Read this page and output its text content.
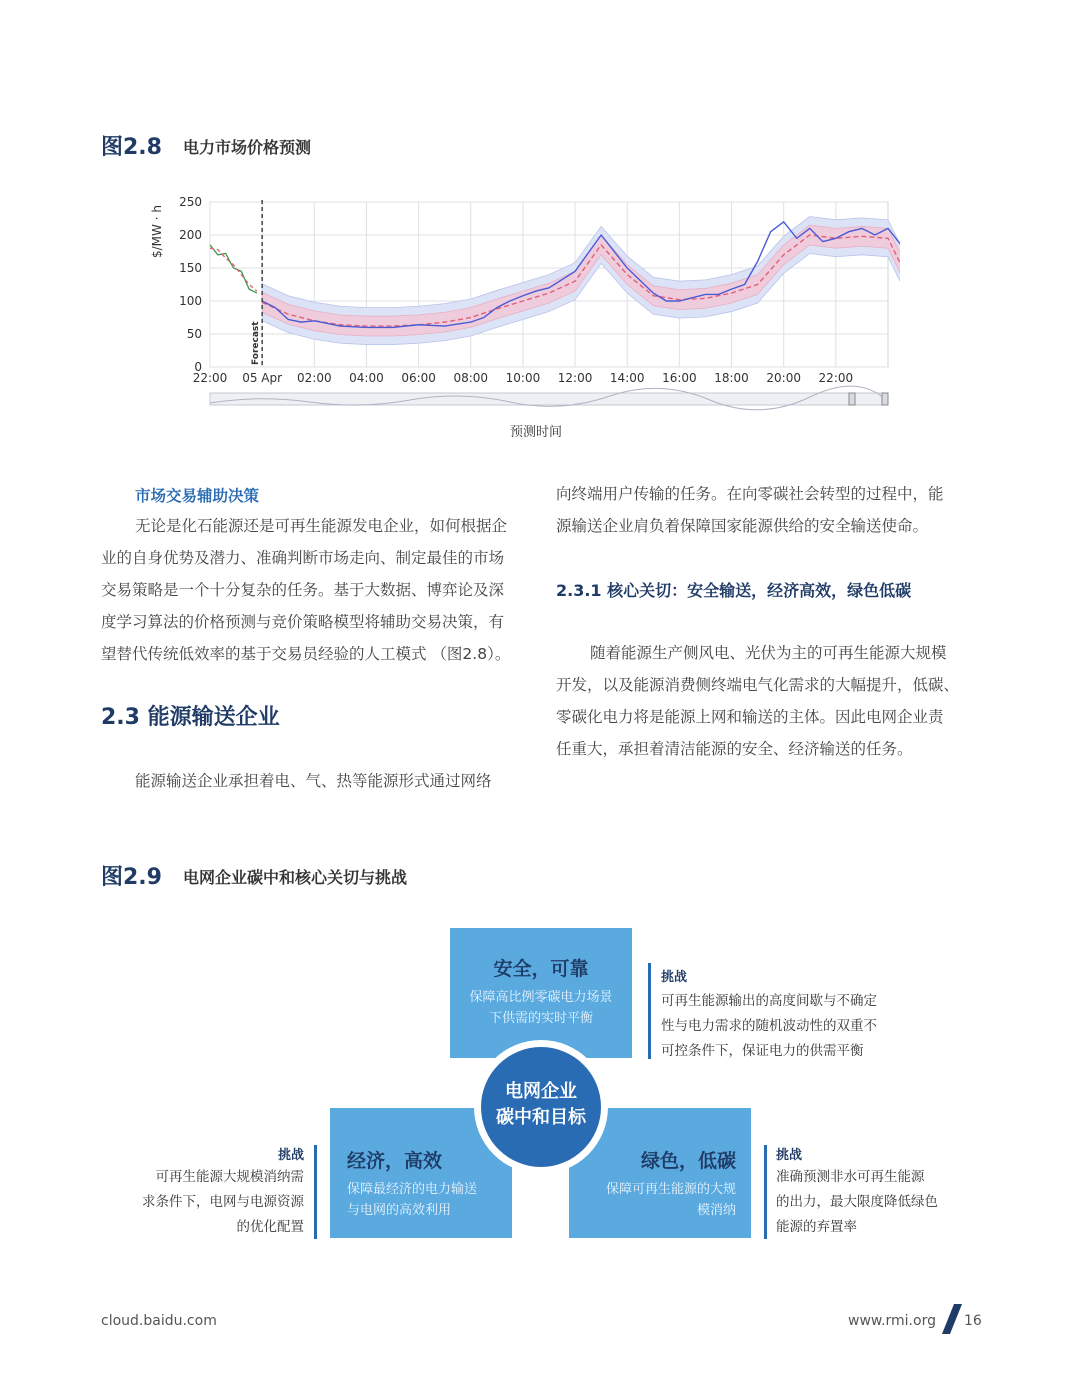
图2.8 电力市场价格预测
0
50
100
150
200
250
22:00 05 Apr 02:00 04:00 06:00 08:00 10:00 12:00 14:00 16:00 18:00 20:00 22:00
Forecast
$/MW · h
预测时间
市场交易辅助决策
无论是化石能源还是可再生能源发电企业，如何根据企
业的自身优势及潜力、准确判断市场走向、制定最佳的市场
交易策略是一个十分复杂的任务。基于大数据、博弈论及深
度学习算法的价格预测与竞价策略模型将辅助交易决策，有
望替代传统低效率的基于交易员经验的人工模式 （图2.8）。
2.3 能源输送企业
能源输送企业承担着电、气、热等能源形式通过网络
向终端用户传输的任务。在向零碳社会转型的过程中，能
源输送企业肩负着保障国家能源供给的安全输送使命。
2.3.1 核心关切：安全输送，经济高效，绿色低碳
随着能源生产侧风电、光伏为主的可再生能源大规模
开发，以及能源消费侧终端电气化需求的大幅提升，低碳、
零碳化电力将是能源上网和输送的主体。因此电网企业责
任重大，承担着清洁能源的安全、经济输送的任务。
图2.9 电网企业碳中和核心关切与挑战
安全，可靠
保障高比例零碳电力场景
下供需的实时平衡
经济，高效
保障最经济的电力输送
与电网的高效利用
绿色，低碳
保障可再生能源的大规
模消纳
电网企业
碳中和目标
挑战
可再生能源输出的高度间歇与不确定
性与电力需求的随机波动性的双重不
可控条件下，保证电力的供需平衡
挑战
可再生能源大规模消纳需
求条件下，电网与电源资源
的优化配置
挑战
准确预测非水可再生能源
的出力，最大限度降低绿色
能源的弃置率
cloud.baidu.com	www.rmi.org 16
